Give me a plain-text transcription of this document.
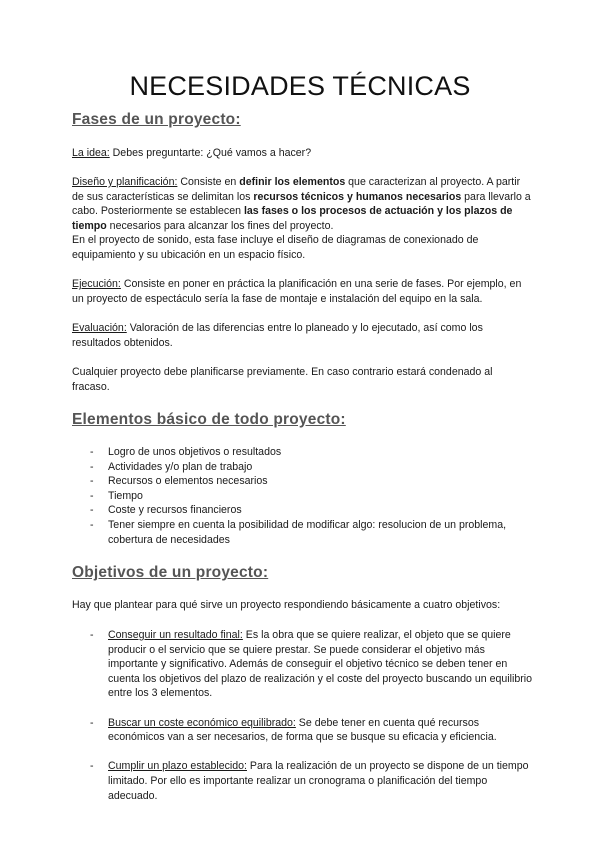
NECESIDADES TÉCNICAS
Fases de un proyecto:

La idea: Debes preguntarte: ¿Qué vamos a hacer?

Diseño y planificación: Consiste en definir los elementos que caracterizan al proyecto. A partir de sus características se delimitan los recursos técnicos y humanos necesarios para llevarlo a cabo. Posteriormente se establecen las fases o los procesos de actuación y los plazos de tiempo necesarios para alcanzar los fines del proyecto.
En el proyecto de sonido, esta fase incluye el diseño de diagramas de conexionado de equipamiento y su ubicación en un espacio físico.

Ejecución: Consiste en poner en práctica la planificación en una serie de fases. Por ejemplo, en un proyecto de espectáculo sería la fase de montaje e instalación del equipo en la sala.

Evaluación: Valoración de las diferencias entre lo planeado y lo ejecutado, así como los resultados obtenidos.

Cualquier proyecto debe planificarse previamente. En caso contrario estará condenado al fracaso.

Elementos básico de todo proyecto:
- Logro de unos objetivos o resultados
- Actividades y/o plan de trabajo
- Recursos o elementos necesarios
- Tiempo
- Coste y recursos financieros
- Tener siempre en cuenta la posibilidad de modificar algo: resolucion de un problema, cobertura de necesidades
Objetivos de un proyecto:

Hay que plantear para qué sirve un proyecto respondiendo básicamente a cuatro objetivos:

- Conseguir un resultado final: Es la obra que se quiere realizar, el objeto que se quiere producir o el servicio que se quiere prestar. Se puede considerar el objetivo más importante y significativo. Además de conseguir el objetivo técnico se deben tener en cuenta los objetivos del plazo de realización y el coste del proyecto buscando un equilibrio entre los 3 elementos.
- Buscar un coste económico equilibrado: Se debe tener en cuenta qué recursos económicos van a ser necesarios, de forma que se busque su eficacia y eficiencia.
- Cumplir un plazo establecido: Para la realización de un proyecto se dispone de un tiempo limitado. Por ello es importante realizar un cronograma o planificación del tiempo adecuado.
